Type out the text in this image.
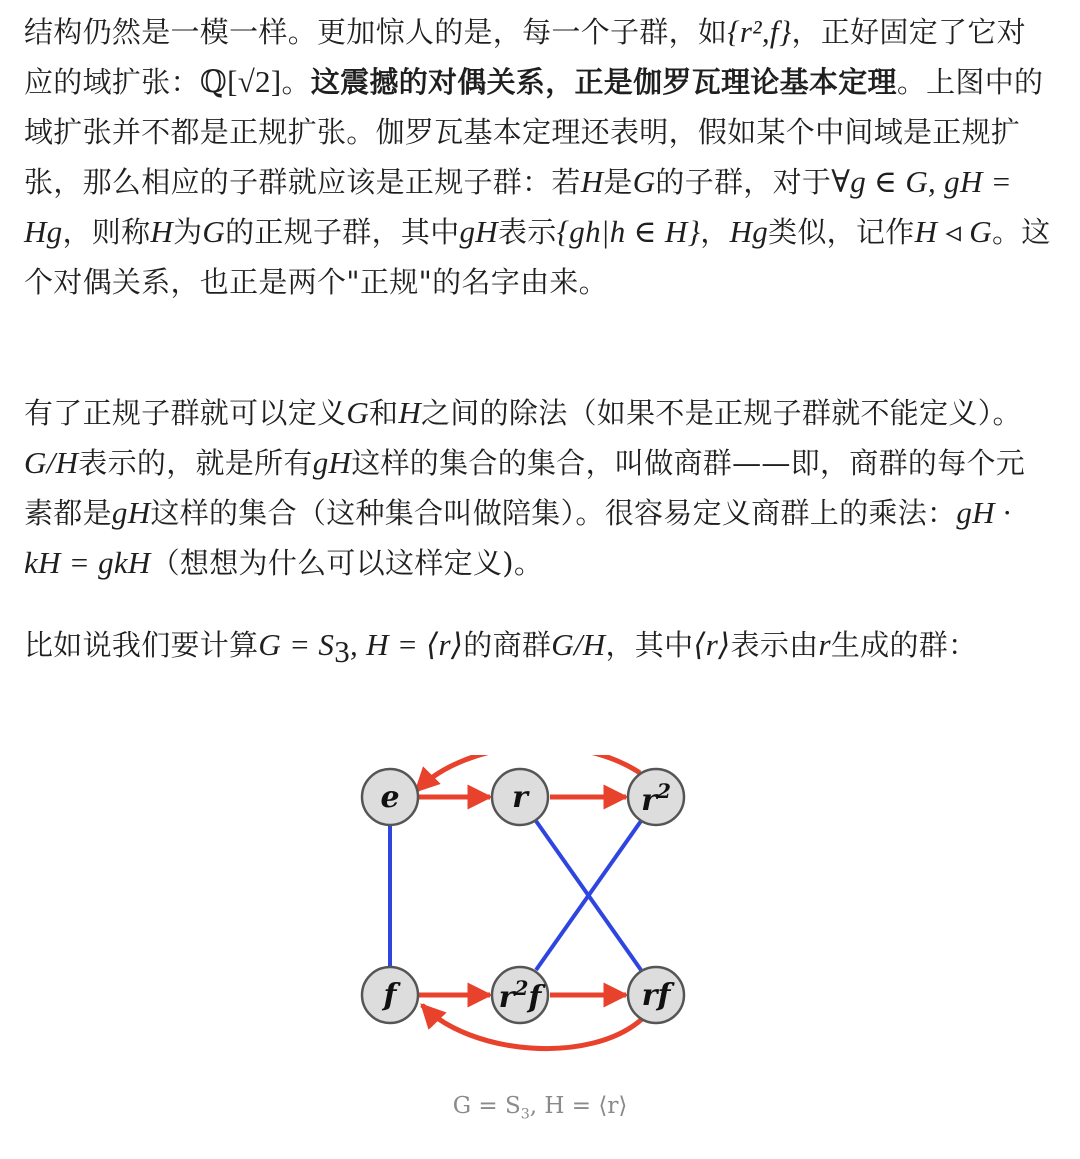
结构仍然是一模一样。更加惊人的是，每一个子群，如{r²,f}，正好固定了它对应的域扩张：ℚ[√2]。这震撼的对偶关系，正是伽罗瓦理论基本定理。上图中的域扩张并不都是正规扩张。伽罗瓦基本定理还表明，假如某个中间域是正规扩张，那么相应的子群就应该是正规子群：若H是G的子群，对于∀g ∈ G, gH = Hg，则称H为G的正规子群，其中gH表示{gh|h ∈ H}，Hg类似，记作H ◃ G。这个对偶关系，也正是两个"正规"的名字由来。
有了正规子群就可以定义G和H之间的除法（如果不是正规子群就不能定义）。G/H表示的，就是所有gH这样的集合的集合，叫做商群——即，商群的每个元素都是gH这样的集合（这种集合叫做陪集）。很容易定义商群上的乘法：gH · kH = gkH（想想为什么可以这样定义)。
比如说我们要计算$G = S_3$, H = ⟨r⟩的商群G/H，其中⟨r⟩表示由r生成的群：
e	r	$r^2$
f	$r^2f$	rf
$G = S_3$, H = ⟨r⟩
